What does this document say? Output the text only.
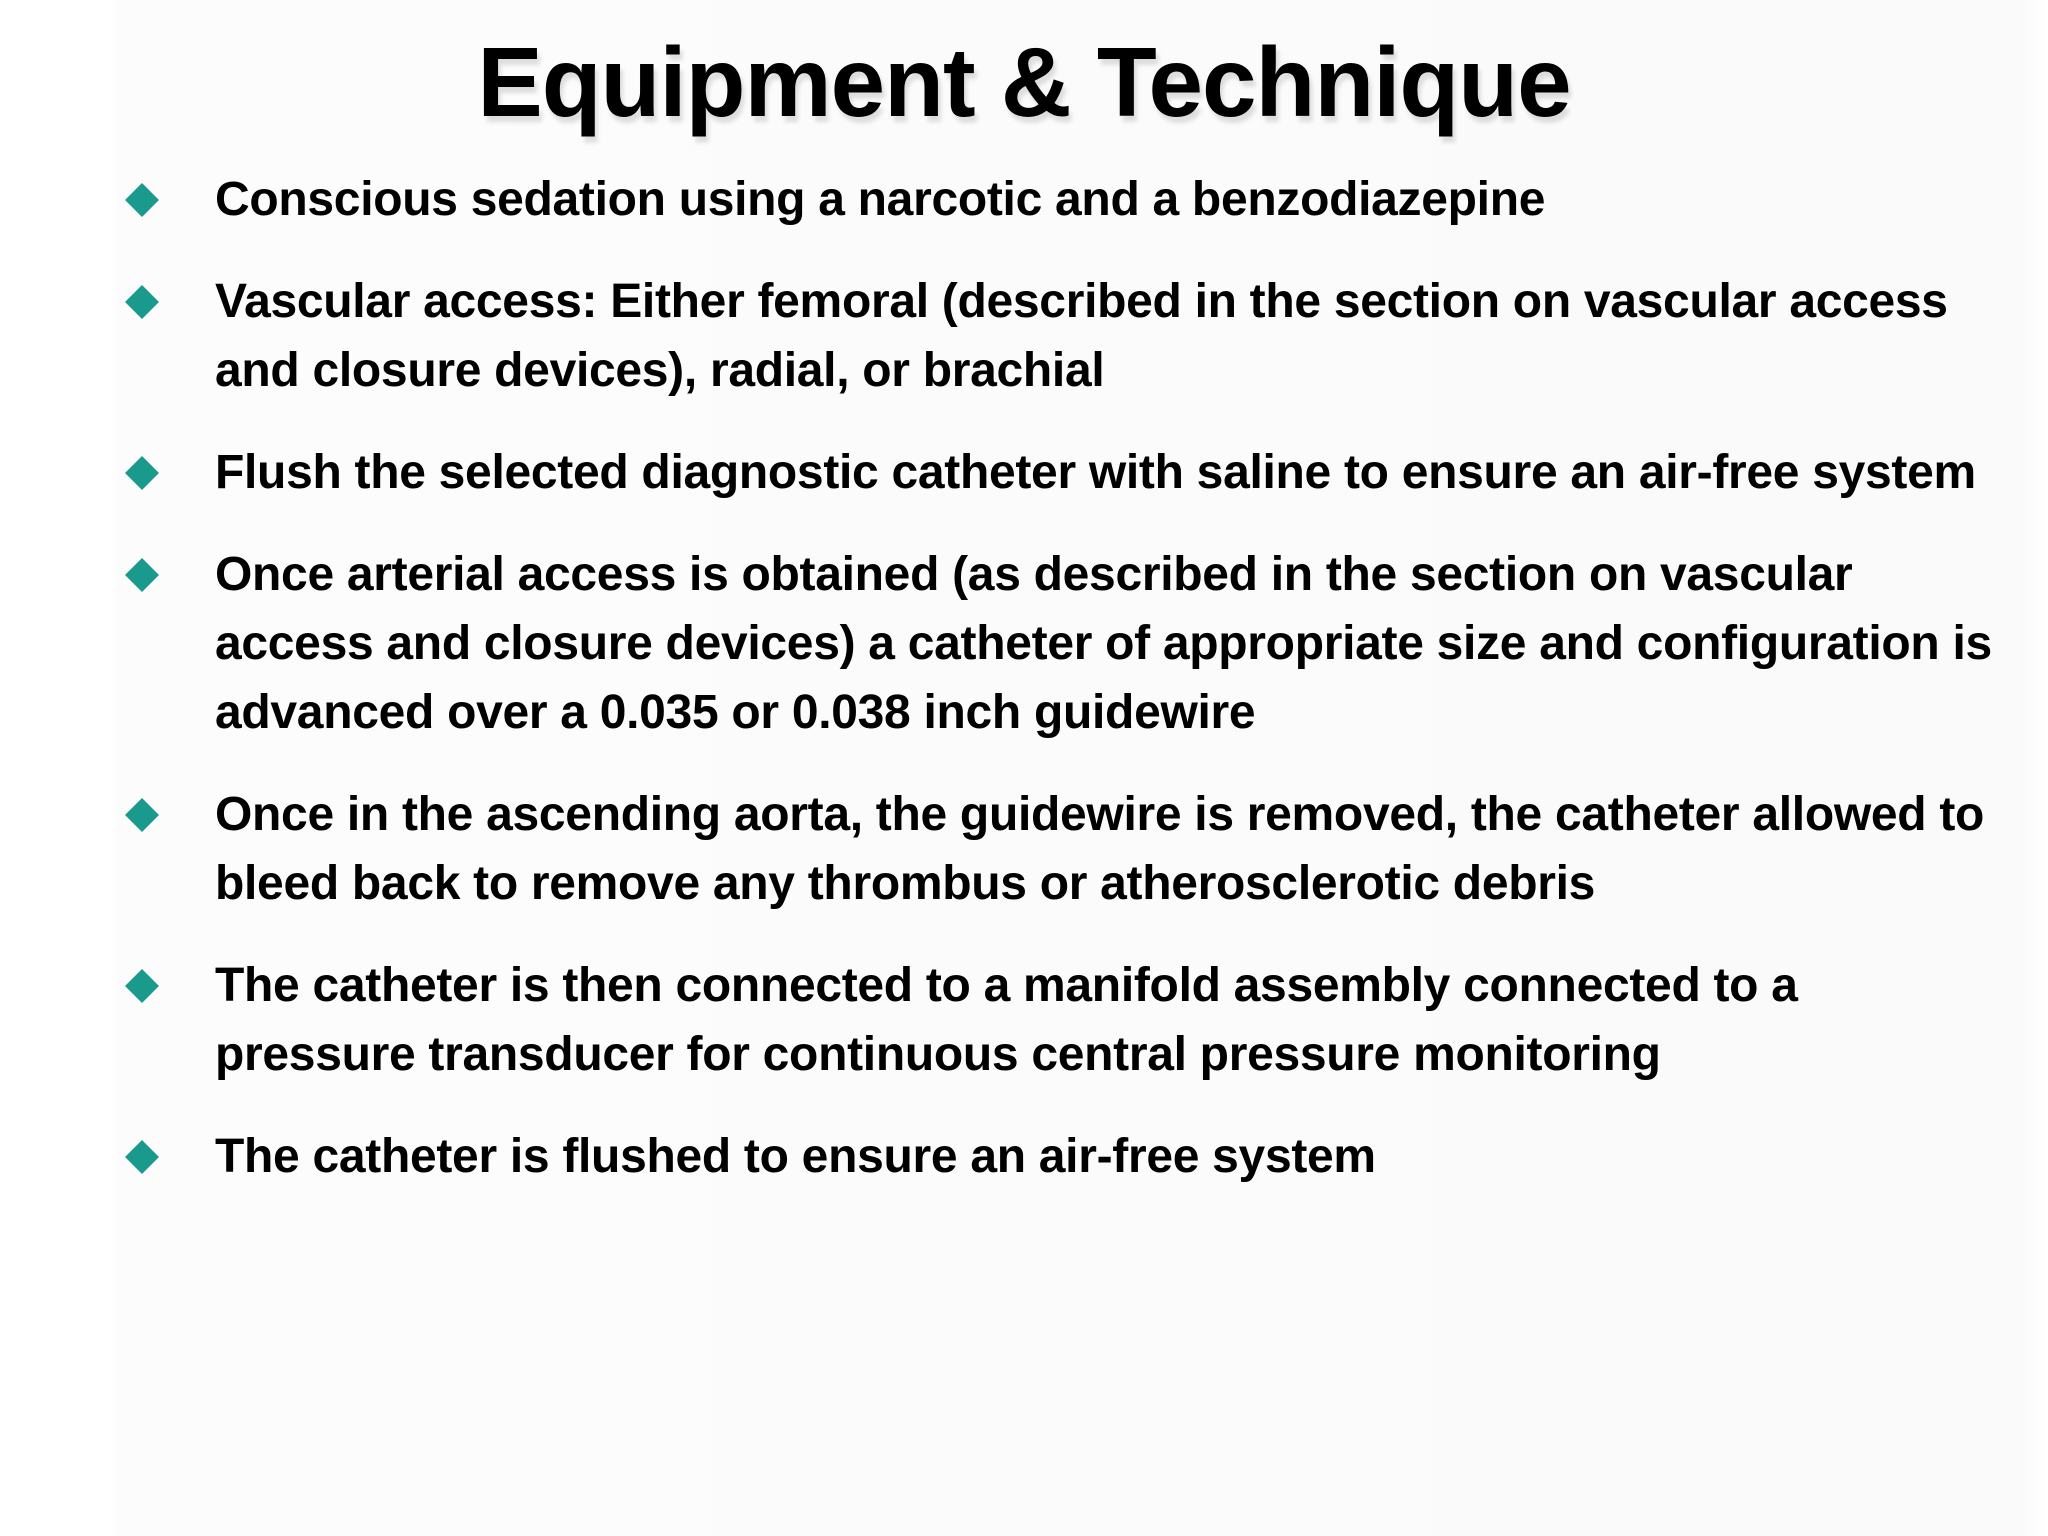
Equipment & Technique
Conscious sedation using a narcotic and a benzodiazepine
Vascular access: Either femoral (described in the section on vascular access and closure devices), radial, or brachial
Flush the selected diagnostic catheter with saline to ensure an air-free system
Once arterial access is obtained (as described in the section on vascular access and closure devices) a catheter of appropriate size and configuration is advanced over a 0.035 or 0.038 inch guidewire
Once in the ascending aorta, the guidewire is removed, the catheter allowed to bleed back to remove any thrombus or atherosclerotic debris
The catheter is then connected to a manifold assembly connected to a pressure transducer for continuous central pressure monitoring
The catheter is flushed to ensure an air-free system
